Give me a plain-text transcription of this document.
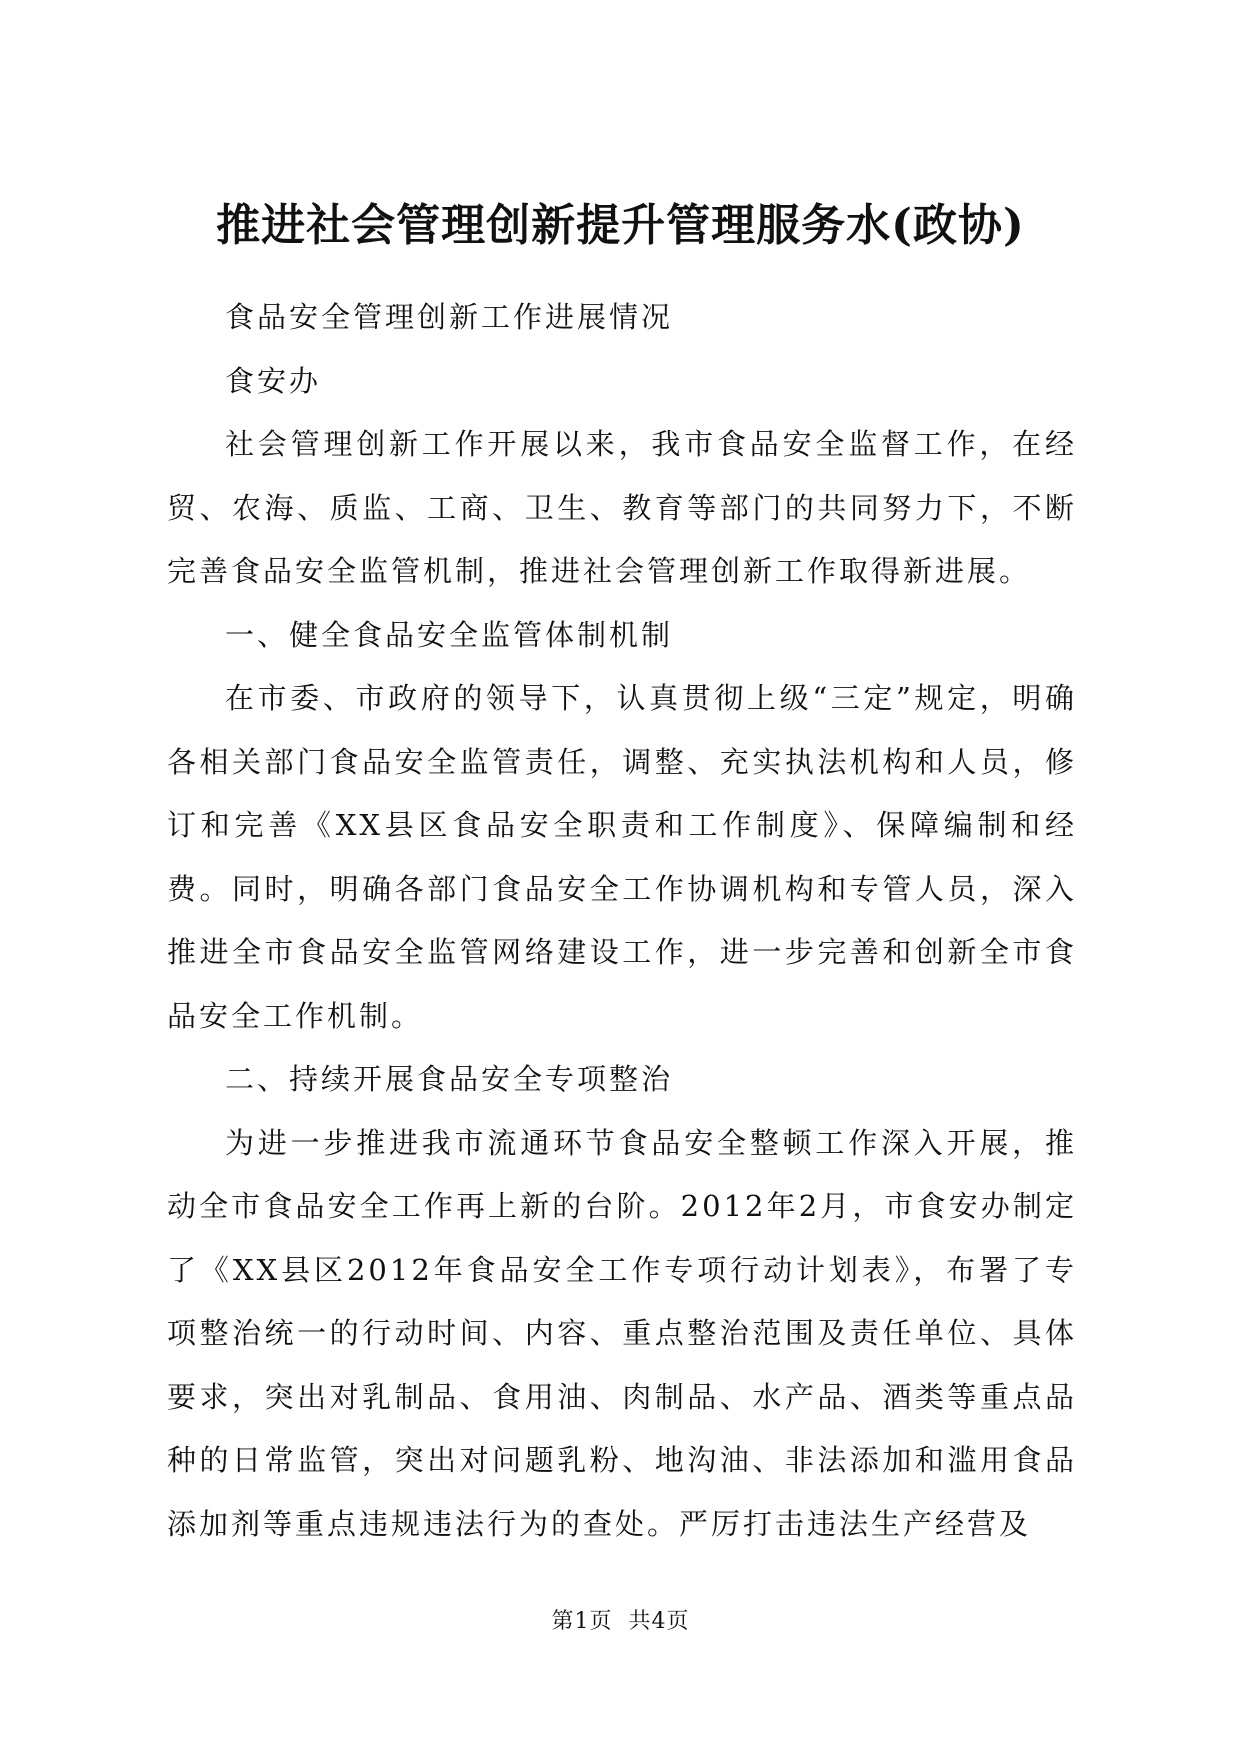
推进社会管理创新提升管理服务水(政协)

食品安全管理创新工作进展情况

食安办

社会管理创新工作开展以来，我市食品安全监督工作，在经贸、农海、质监、工商、卫生、教育等部门的共同努力下，不断完善食品安全监管机制，推进社会管理创新工作取得新进展。

一、健全食品安全监管体制机制

在市委、市政府的领导下，认真贯彻上级“三定”规定，明确各相关部门食品安全监管责任，调整、充实执法机构和人员，修订和完善《XX县区食品安全职责和工作制度》、保障编制和经费。同时，明确各部门食品安全工作协调机构和专管人员，深入推进全市食品安全监管网络建设工作，进一步完善和创新全市食品安全工作机制。

二、持续开展食品安全专项整治

为进一步推进我市流通环节食品安全整顿工作深入开展，推动全市食品安全工作再上新的台阶。2012年2月，市食安办制定了《XX县区2012年食品安全工作专项行动计划表》，布署了专项整治统一的行动时间、内容、重点整治范围及责任单位、具体要求，突出对乳制品、食用油、肉制品、水产品、酒类等重点品种的日常监管，突出对问题乳粉、地沟油、非法添加和滥用食品添加剂等重点违规违法行为的查处。严厉打击违法生产经营及

第1页 共4页
